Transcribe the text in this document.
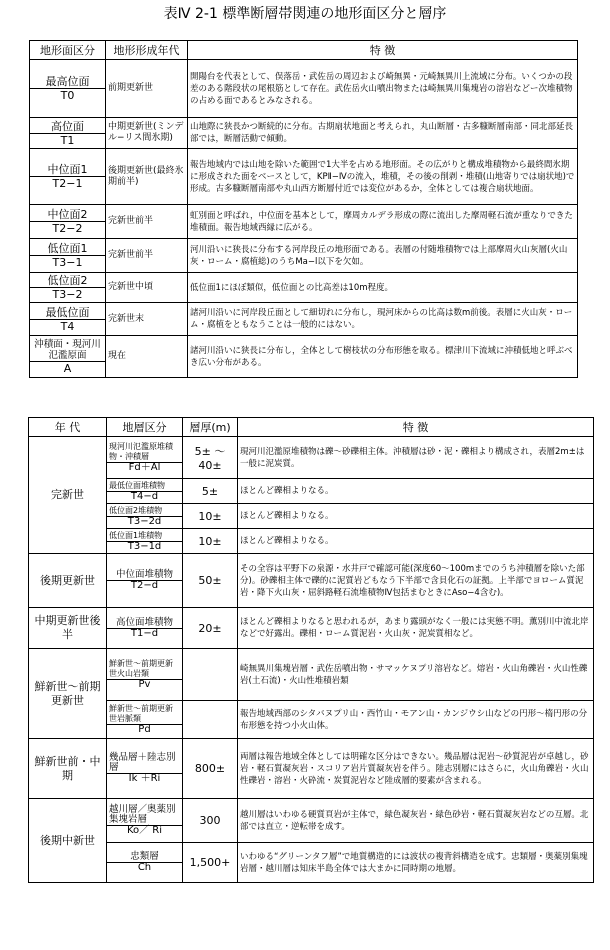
表Ⅳ 2-1 標準断層帯関連の地形面区分と層序
地形面区分	地形形成年代	特 徴

最高位面
T0	前期更新世	開陽台を代表として、俣落岳・武佐岳の周辺および崎無異・元崎無異川上流域に分布。いくつかの段差のある階段状の尾根筋として存在。武佐岳火山噴出物または崎無異川集塊岩の溶岩などー次堆積物の占める面であるとみなされる。

高位面
T1	中期更新世(ミンデル−リス間氷期)	山地際に狭長かつ断続的に分布。古期扇状地面と考えられ，丸山断層・古多糠断層南部・同北部延長部では，断層活動で傾動。

中位面1
T2−1	後期更新世(最終氷期前半)	報告地域内では山地を除いた範囲で1大半を占める地形面。その広がりと構成堆積物から最終間氷期に形成された面をベースとして，KPⅡ−Ⅳの流入，堆積，その後の削剥・堆積(山地寄りでは扇状地)で形成。古多糠断層南部や丸山西方断層付近では変位があるか，全体としては複合扇状地面。

中位面2
T2−2	完新世前半	虹別面と呼ばれ，中位面を基本として，摩周カルデラ形成の際に流出した摩周軽石流が重なりできた堆積面。報告地域西縁に広がる。

低位面1
T3−1	完新世前半	河川沿いに狭長に分布する河岸段丘の地形面である。表層の付随堆積物では上部摩周火山灰層(火山灰・ローム・腐植総)のうちMa−l以下を欠如。

低位面2
T3−2	完新世中頃	低位面1にほぼ類似，低位面との比高差は10m程度。

最低位面
T4	完新世末	諸河川沿いに河岸段丘面として細切れに分布し，現河床からの比高は数m前後。表層に火山灰・ローム・腐植をともなうことは一般的にはない。

沖積面・現河川氾濫原面
A	現在	諸河川沿いに狭長に分布し，全体として樹枝状の分布形態を取る。標津川下流域に沖積低地と呼ぶべき広い分布がある。
年 代	地層区分	層厚(m)	特 徴
完新世	現河川氾濫原堆積物・沖積層
Fd＋Al	5± 〜40±	現河川氾濫原堆積物は礫〜砂礫相主体。沖積層は砂・泥・礫相より構成され，表層2m±は一般に泥炭質。

最低位面堆積物
T4−d	5±	ほとんど礫相よりなる。

低位面2堆積物
T3−2d	10±	ほとんど礫相よりなる。

低位面1堆積物
T3−1d	10±	ほとんど礫相よりなる。
後期更新世	中位面堆積物
T2−d	50±	その全容は平野下の泉源・水井戸で確認可能(深度60〜100mまでのうち沖積層を除いた部分)。砂礫相主体で礫的に泥質岩どもなう下半部で含貝化石の証拠。上半部でヨローム質泥岩・降下火山灰・屈斜路軽石流堆積物Ⅳ包括まむときにAso−4含む)。
中期更新世後半	高位面堆積物
T1−d	20±	ほとんど礫相よりなると思われるが，あまり露頭がなく一般には実態不明。薫別川中流北岸などで好露出。礫相・ローム質泥岩・火山灰・泥炭質相など。
鮮新世〜前期更新世	鮮新世〜前期更新世火山岩類
Pv		崎無異川集塊岩層・武佐岳噴出物・サマッケヌプリ溶岩など。熔岩・火山角礫岩・火山性礫岩(土石流)・火山性堆積岩類

鮮新世〜前期更新世岩脈類
Pd		報告地域西部のシタバヌプリ山・西竹山・モアン山・カンジウシ山などの円形〜楕円形の分布形態を持つ小火山体。
鮮新世前・中期	幾品層＋陸志別層
Ik ＋Ri	800±	両層は報告地域全体としては明確な区分はできない。幾品層は泥岩〜砂質泥岩が卓越し，砂岩・軽石質凝灰岩・スコリア岩片質凝灰岩を伴う。陸志別層にはさらに，火山角礫岩・火山性礫岩・溶岩・火砕流・炭質泥岩など陸成層的要素が含まれる。
後期中新世	越川層／奥薬別集塊岩層
Ko／ Ri	300	越川層はいわゆる硬質頁岩が主体で，緑色凝灰岩・緑色砂岩・軽石質凝灰岩などの互層。北部では直立・逆転帯を成す。

忠類層
Ch	1,500+	いわゆる“グリーンタフ層”で地質構造的には波状の複背斜構造を成す。忠類層・奥薬別集塊岩層・越川層は知床半島全体では大まかに同時期の地層。
